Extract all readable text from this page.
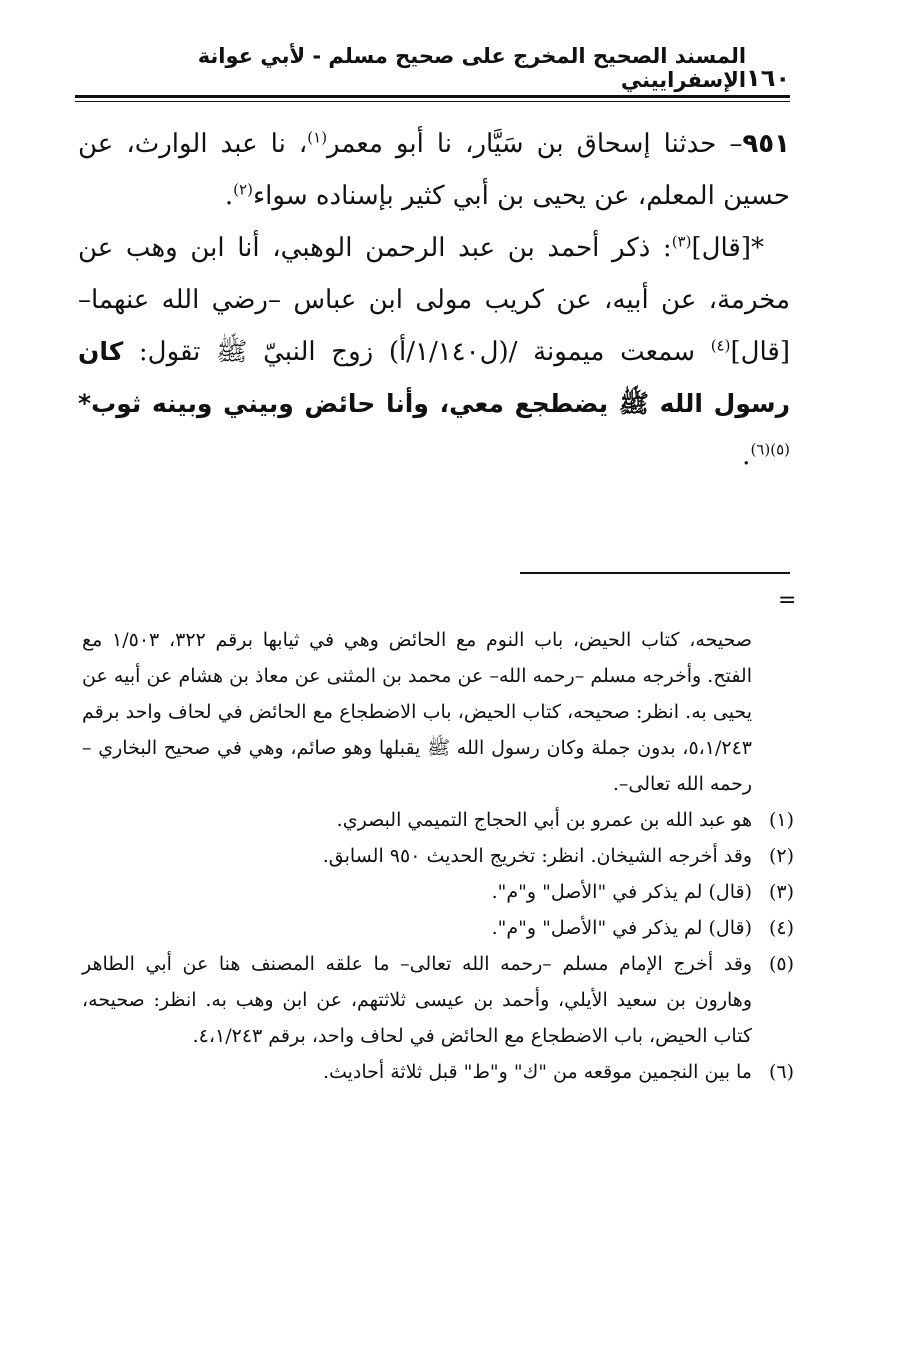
١٦٠
المسند الصحيح المخرج على صحيح مسلم - لأبي عوانة الإسفراييني

٩٥١– حدثنا إسحاق بن سَيَّار، نا أبو معمر$^{(١)}$، نا عبد الوارث، عن حسين المعلم، عن يحيى بن أبي كثير بإسناده سواء$^{(٢)}$.

*[قال]$^{(٣)}$: ذكر أحمد بن عبد الرحمن الوهبي، أنا ابن وهب عن مخرمة، عن أبيه، عن كريب مولى ابن عباس –رضي الله عنهما– [قال]$^{(٤)}$ سمعت ميمونة /(ل١/١٤٠/أ) زوج النبيّ ﷺ تقول: كان رسول الله ﷺ يضطجع معي، وأنا حائض وبيني وبينه ثوب*$^{(٥)(٦)}$.

=

صحيحه، كتاب الحيض، باب النوم مع الحائض وهي في ثيابها برقم ٣٢٢، ١/٥٠٣ مع الفتح. وأخرجه مسلم –رحمه الله– عن محمد بن المثنى عن معاذ بن هشام عن أبيه عن يحيى به. انظر: صحيحه، كتاب الحيض، باب الاضطجاع مع الحائض في لحاف واحد برقم ٥،١/٢٤٣، بدون جملة وكان رسول الله ﷺ يقبلها وهو صائم، وهي في صحيح البخاري –رحمه الله تعالى–.

(١)
هو عبد الله بن عمرو بن أبي الحجاج التميمي البصري.
(٢)
وقد أخرجه الشيخان. انظر: تخريج الحديث ٩٥٠ السابق.
(٣)
(قال) لم يذكر في "الأصل" و"م".
(٤)
(قال) لم يذكر في "الأصل" و"م".
(٥)
وقد أخرج الإمام مسلم –رحمه الله تعالى– ما علقه المصنف هنا عن أبي الطاهر وهارون بن سعيد الأيلي، وأحمد بن عيسى ثلاثتهم، عن ابن وهب به. انظر: صحيحه، كتاب الحيض، باب الاضطجاع مع الحائض في لحاف واحد، برقم ٤،١/٢٤٣.
(٦)
ما بين النجمين موقعه من "ك" و"ط" قبل ثلاثة أحاديث.
